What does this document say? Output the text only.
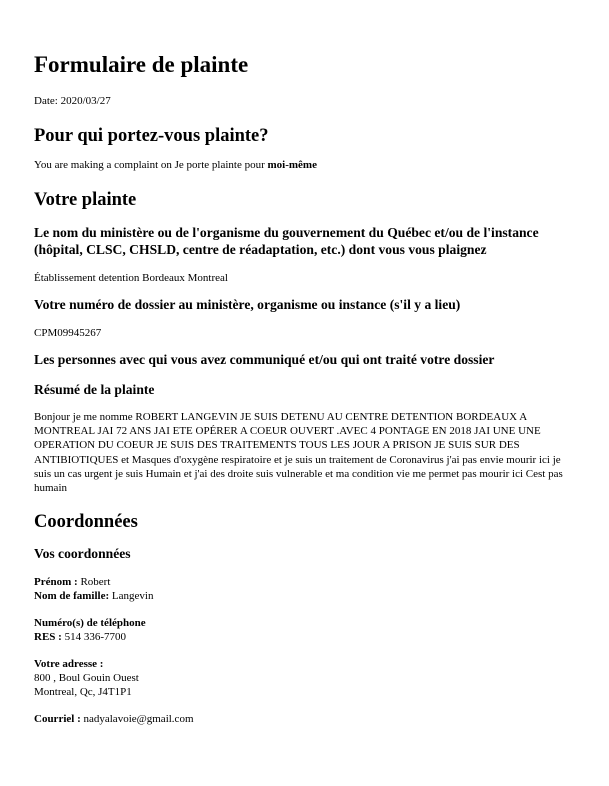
Formulaire de plainte

Date: 2020/03/27

Pour qui portez-vous plainte?

You are making a complaint on Je porte plainte pour moi-même

Votre plainte
Le nom du ministère ou de l'organisme du gouvernement du Québec et/ou de l'instance (hôpital, CLSC, CHSLD, centre de réadaptation, etc.) dont vous vous plaignez

Établissement detention Bordeaux Montreal

Votre numéro de dossier au ministère, organisme ou instance (s'il y a lieu)

CPM09945267

Les personnes avec qui vous avez communiqué et/ou qui ont traité votre dossier
Résumé de la plainte

Bonjour je me nomme ROBERT LANGEVIN JE SUIS DETENU AU CENTRE DETENTION BORDEAUX A MONTREAL JAI 72 ANS JAI ETE OPÉRER A COEUR OUVERT .AVEC 4 PONTAGE EN 2018 JAI UNE UNE OPERATION DU COEUR JE SUIS DES TRAITEMENTS TOUS LES JOUR A PRISON JE SUIS SUR DES ANTIBIOTIQUES et Masques d'oxygène respiratoire et je suis un traitement de Coronavirus j'ai pas envie mourir ici je suis un cas urgent je suis Humain et j'ai des droite suis vulnerable et ma condition vie me permet pas mourir ici Cest pas humain

Coordonnées
Vos coordonnées
Prénom : Robert
Nom de famille: Langevin
Numéro(s) de téléphone
RES : 514 336-7700
Votre adresse :
800 , Boul Gouin Ouest
Montreal, Qc, J4T1P1
Courriel : nadyalavoie@gmail.com
